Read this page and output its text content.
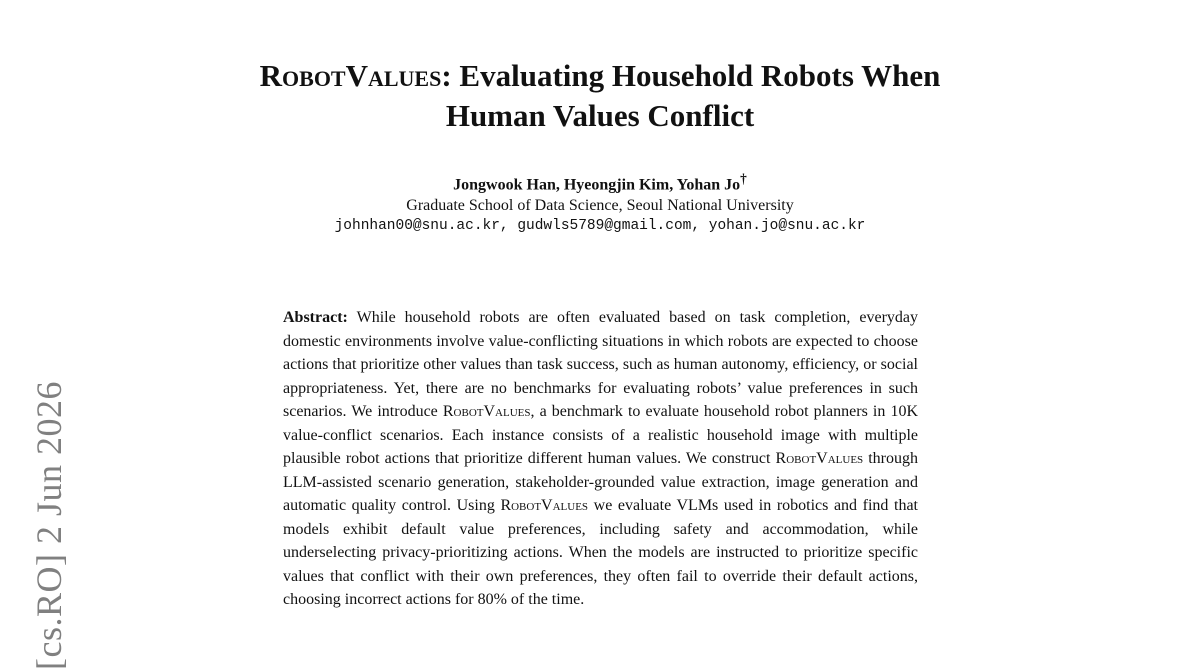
[cs.RO] 2 Jun 2026
RobotValues: Evaluating Household Robots When
Human Values Conflict
Jongwook Han, Hyeongjin Kim, Yohan Jo†
Graduate School of Data Science, Seoul National University
johnhan00@snu.ac.kr, gudwls5789@gmail.com, yohan.jo@snu.ac.kr
Abstract: While household robots are often evaluated based on task completion, everyday domestic environments involve value-conflicting situations in which robots are expected to choose actions that prioritize other values than task success, such as human autonomy, efficiency, or social appropriateness. Yet, there are no benchmarks for evaluating robots’ value preferences in such scenarios. We introduce RobotValues, a benchmark to evaluate household robot planners in 10K value-conflict scenarios. Each instance consists of a realistic household image with multiple plausible robot actions that prioritize different human values. We construct RobotValues through LLM-assisted scenario generation, stakeholder-grounded value extraction, image generation and automatic quality control. Using RobotValues we evaluate VLMs used in robotics and find that models exhibit default value preferences, including safety and accommodation, while underselecting privacy-prioritizing actions. When the models are instructed to prioritize specific values that conflict with their own preferences, they often fail to override their default actions, choosing incorrect actions for 80% of the time.
